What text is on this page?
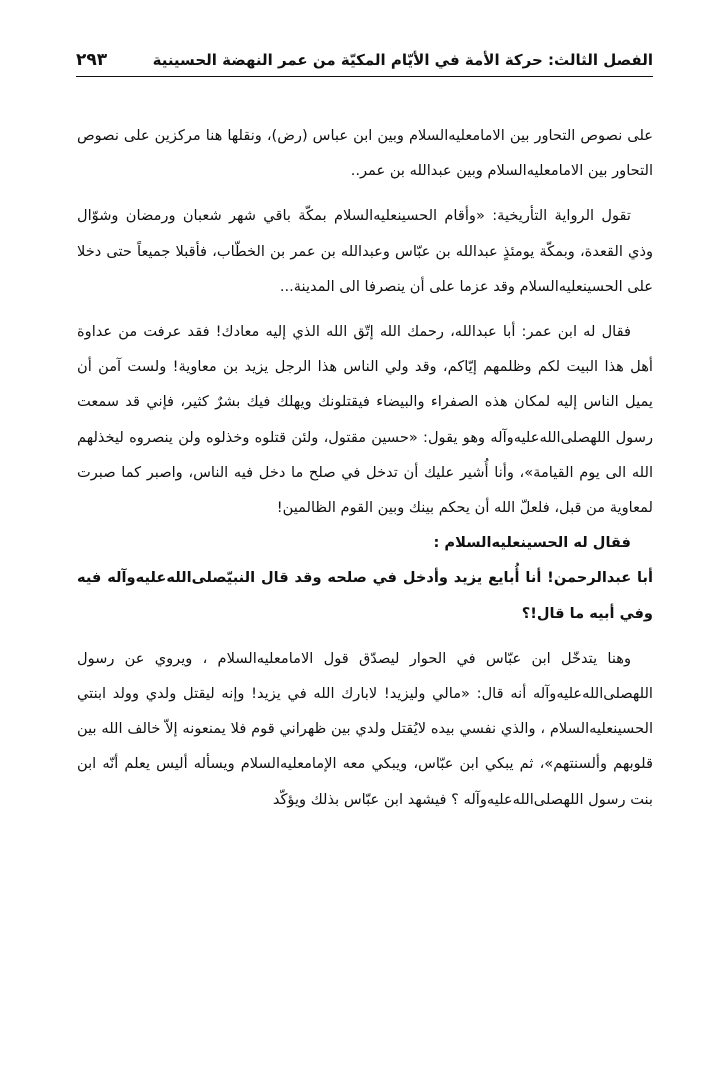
الفصل الثالث: حركة الأمة في الأيّام المكيّة من عمر النهضة الحسينية
٢٩٣

على نصوص التحاور بين الامامعليه‌السلام وبين ابن عباس (رض)، ونقلها هنا مركزين على نصوص التحاور بين الامامعليه‌السلام وبين عبدالله بن عمر..

تقول الرواية التأريخية: «وأقام الحسينعليه‌السلام بمكّة باقي شهر شعبان ورمضان وشوّال وذي القعدة، وبمكّة يومئذٍ عبدالله بن عبّاس وعبدالله بن عمر بن الخطّاب، فأقبلا جميعاً حتى دخلا على الحسينعليه‌السلام وقد عزما على أن ينصرفا الى المدينة...

فقال له ابن عمر: أبا عبدالله، رحمك الله إتّق الله الذي إليه معادك! فقد عرفت من عداوة أهل هذا البيت لكم وظلمهم إيّاكم، وقد ولي الناس هذا الرجل يزيد بن معاوية! ولست آمن أن يميل الناس إليه لمكان هذه الصفراء والبيضاء فيقتلونك ويهلك فيك بشرٌ كثير، فإني قد سمعت رسول اللهصلى‌الله‌عليه‌وآله وهو يقول: «حسين مقتول، ولئن قتلوه وخذلوه ولن ينصروه ليخذلهم الله الى يوم القيامة»، وأنا أُشير عليك أن تدخل في صلح ما دخل فيه الناس، واصبر كما صبرت لمعاوية من قبل، فلعلّ الله أن يحكم بينك وبين القوم الظالمين!

فقال له الحسينعليه‌السلام :

أبا عبدالرحمن! أنا أُبايع يزيد وأدخل في صلحه وقد قال النبيّصلى‌الله‌عليه‌وآله فيه وفي أبيه ما قال!؟

وهنا يتدخّل ابن عبّاس في الحوار ليصدّق قول الامامعليه‌السلام ، ويروي عن رسول اللهصلى‌الله‌عليه‌وآله أنه قال: «مالي وليزيد! لابارك الله في يزيد! وإنه ليقتل ولدي وولد ابنتي الحسينعليه‌السلام ، والذي نفسي بيده لايُقتل ولدي بين ظهراني قوم فلا يمنعونه إلاّ خالف الله بين قلوبهم وألسنتهم»، ثم يبكي ابن عبّاس، ويبكي معه الإمامعليه‌السلام ويسأله أليس يعلم أنّه ابن بنت رسول اللهصلى‌الله‌عليه‌وآله ؟ فيشهد ابن عبّاس بذلك ويؤكّد
